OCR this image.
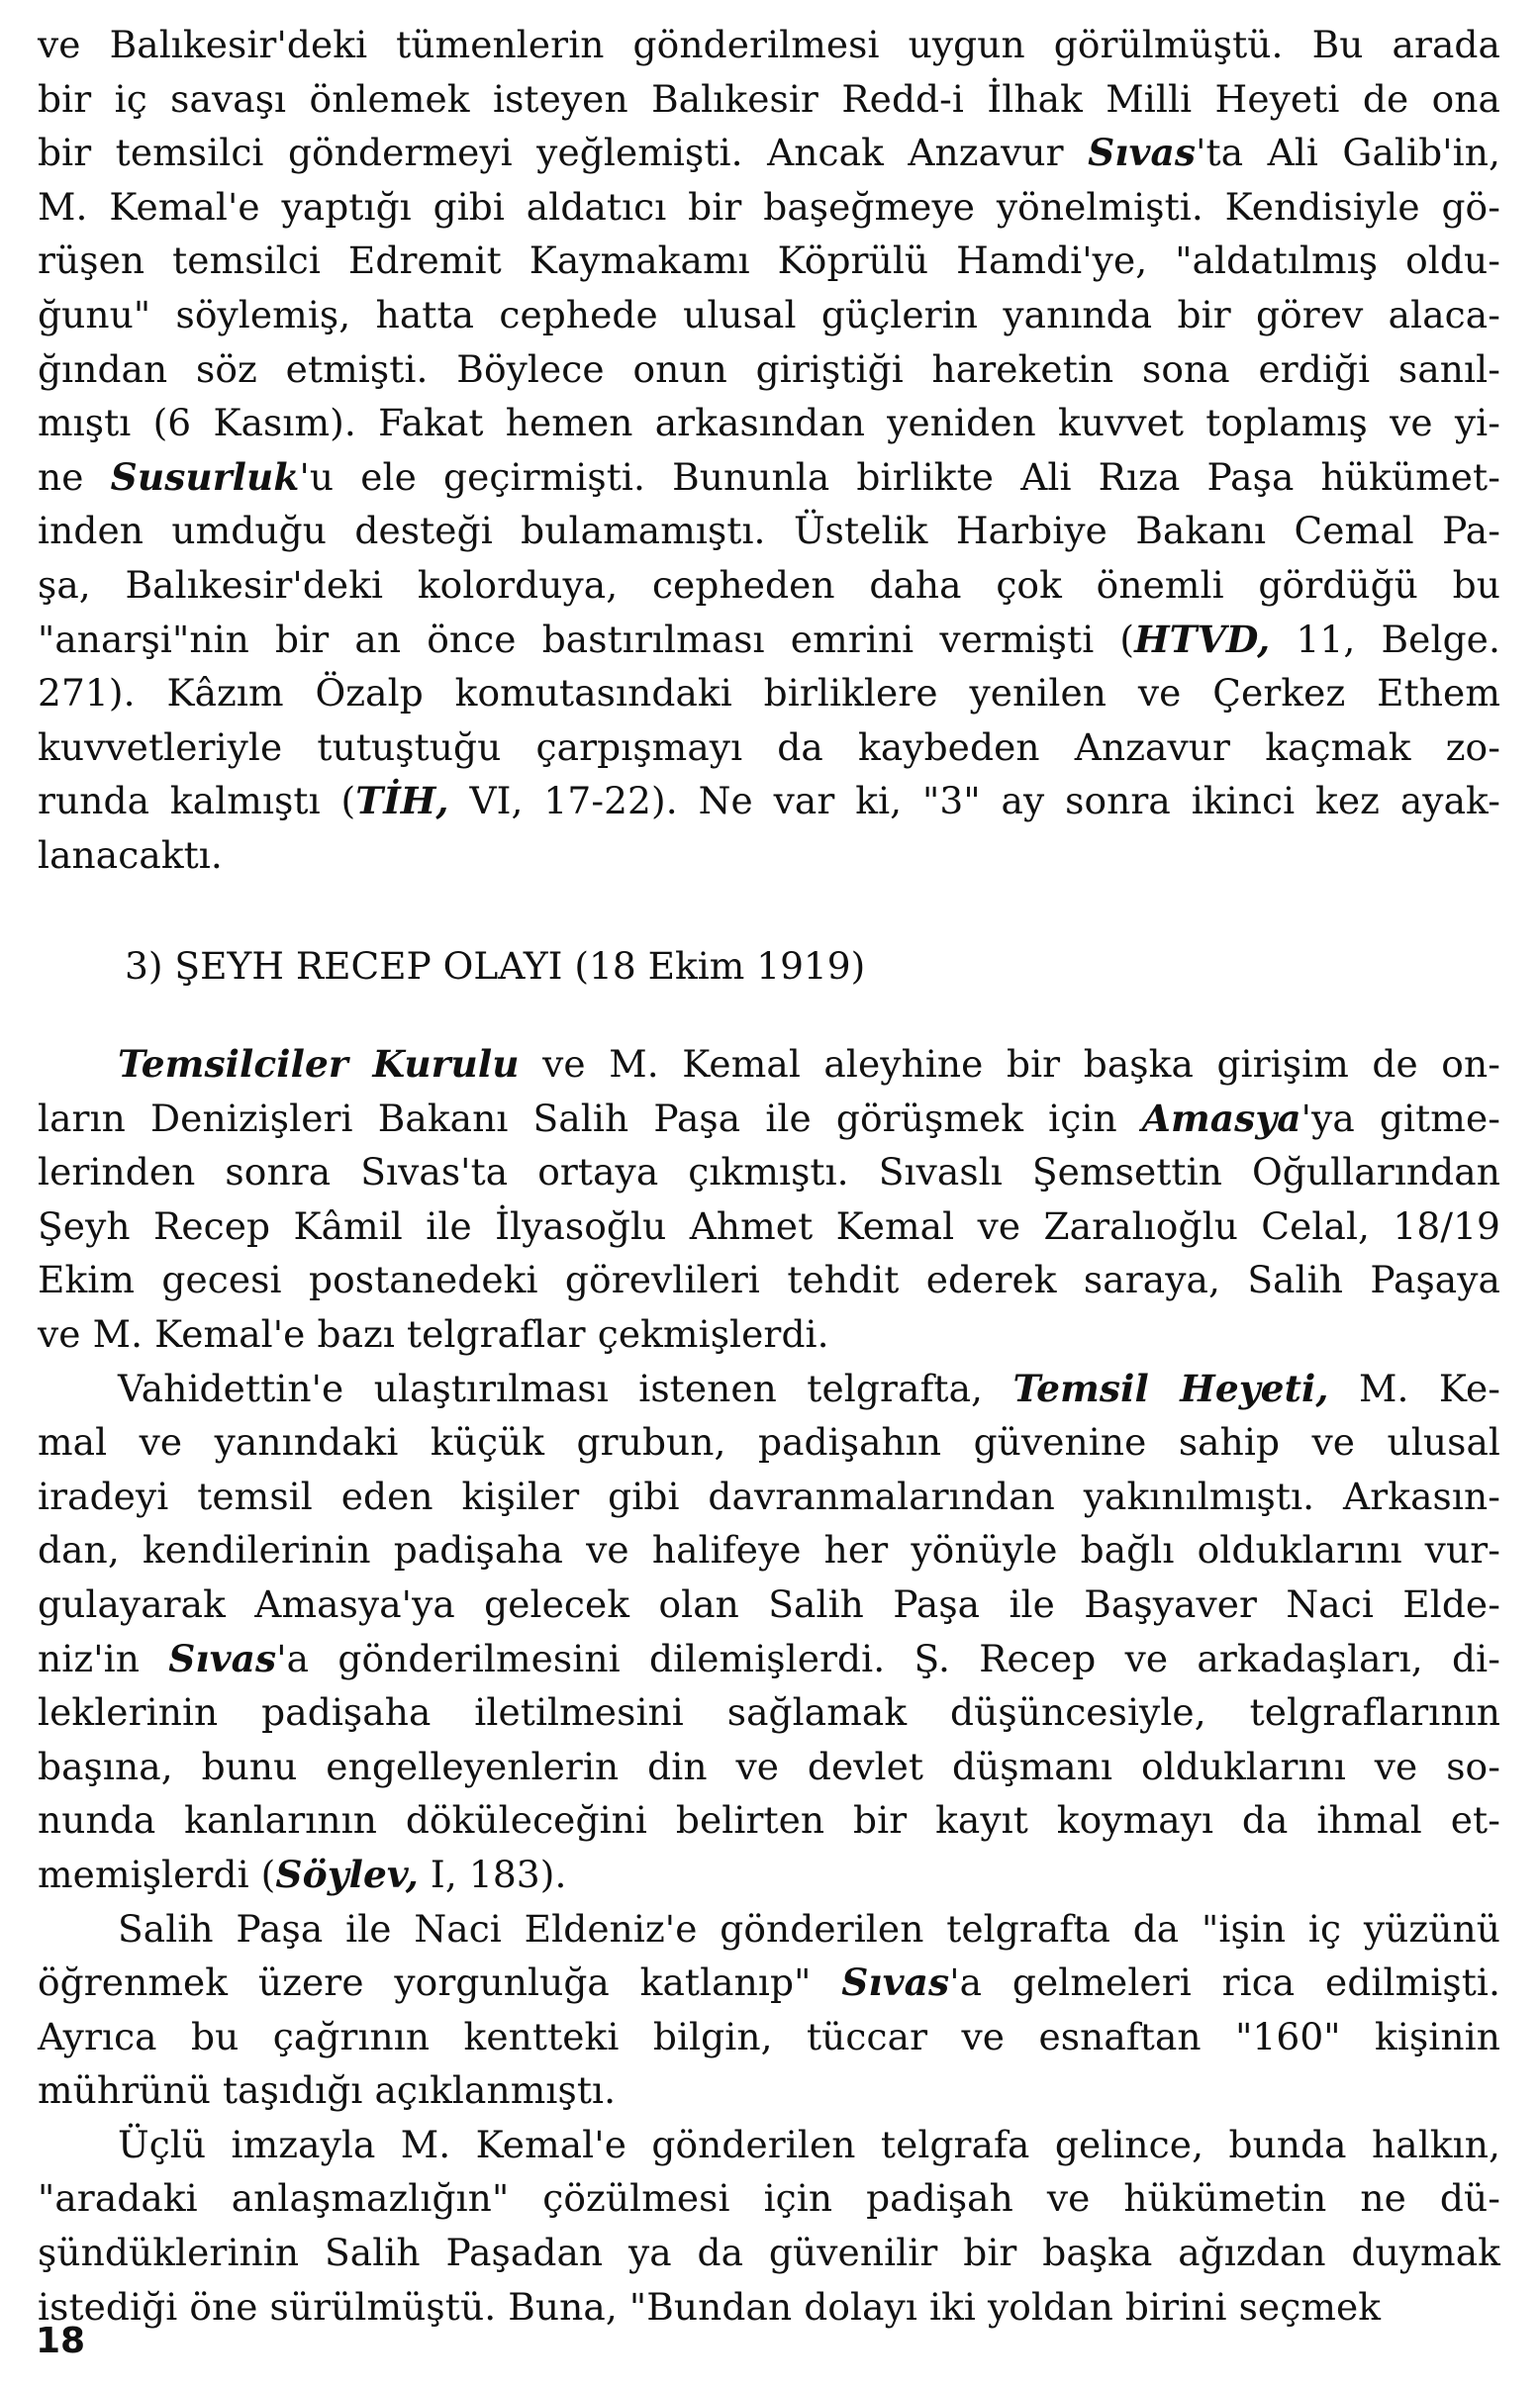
ve Balıkesir'deki tümenlerin gönderilmesi uygun görülmüştü. Bu arada
bir iç savaşı önlemek isteyen Balıkesir Redd-i İlhak Milli Heyeti de ona
bir temsilci göndermeyi yeğlemişti. Ancak Anzavur Sıvas'ta Ali Galib'in,
M. Kemal'e yaptığı gibi aldatıcı bir başeğmeye yönelmişti. Kendisiyle gö-
rüşen temsilci Edremit Kaymakamı Köprülü Hamdi'ye, "aldatılmış oldu-
ğunu" söylemiş, hatta cephede ulusal güçlerin yanında bir görev alaca-
ğından söz etmişti. Böylece onun giriştiği hareketin sona erdiği sanıl-
mıştı (6 Kasım). Fakat hemen arkasından yeniden kuvvet toplamış ve yi-
ne Susurluk'u ele geçirmişti. Bununla birlikte Ali Rıza Paşa hükümet-
inden umduğu desteği bulamamıştı. Üstelik Harbiye Bakanı Cemal Pa-
şa, Balıkesir'deki kolorduya, cepheden daha çok önemli gördüğü bu
"anarşi"nin bir an önce bastırılması emrini vermişti (HTVD, 11, Belge.
271). Kâzım Özalp komutasındaki birliklere yenilen ve Çerkez Ethem
kuvvetleriyle tutuştuğu çarpışmayı da kaybeden Anzavur kaçmak zo-
runda kalmıştı (TİH, VI, 17-22). Ne var ki, "3" ay sonra ikinci kez ayak-
lanacaktı.
3) ŞEYH RECEP OLAYI (18 Ekim 1919)
Temsilciler Kurulu ve M. Kemal aleyhine bir başka girişim de on-
ların Denizişleri Bakanı Salih Paşa ile görüşmek için Amasya'ya gitme-
lerinden sonra Sıvas'ta ortaya çıkmıştı. Sıvaslı Şemsettin Oğullarından
Şeyh Recep Kâmil ile İlyasoğlu Ahmet Kemal ve Zaralıoğlu Celal, 18/19
Ekim gecesi postanedeki görevlileri tehdit ederek saraya, Salih Paşaya
ve M. Kemal'e bazı telgraflar çekmişlerdi.
Vahidettin'e ulaştırılması istenen telgrafta, Temsil Heyeti, M. Ke-
mal ve yanındaki küçük grubun, padişahın güvenine sahip ve ulusal
iradeyi temsil eden kişiler gibi davranmalarından yakınılmıştı. Arkasın-
dan, kendilerinin padişaha ve halifeye her yönüyle bağlı olduklarını vur-
gulayarak Amasya'ya gelecek olan Salih Paşa ile Başyaver Naci Elde-
niz'in Sıvas'a gönderilmesini dilemişlerdi. Ş. Recep ve arkadaşları, di-
leklerinin padişaha iletilmesini sağlamak düşüncesiyle, telgraflarının
başına, bunu engelleyenlerin din ve devlet düşmanı olduklarını ve so-
nunda kanlarının döküleceğini belirten bir kayıt koymayı da ihmal et-
memişlerdi (Söylev, I, 183).
Salih Paşa ile Naci Eldeniz'e gönderilen telgrafta da "işin iç yüzünü
öğrenmek üzere yorgunluğa katlanıp" Sıvas'a gelmeleri rica edilmişti.
Ayrıca bu çağrının kentteki bilgin, tüccar ve esnaftan "160" kişinin
mührünü taşıdığı açıklanmıştı.
Üçlü imzayla M. Kemal'e gönderilen telgrafa gelince, bunda halkın,
"aradaki anlaşmazlığın" çözülmesi için padişah ve hükümetin ne dü-
şündüklerinin Salih Paşadan ya da güvenilir bir başka ağızdan duymak
istediği öne sürülmüştü. Buna, "Bundan dolayı iki yoldan birini seçmek
18
